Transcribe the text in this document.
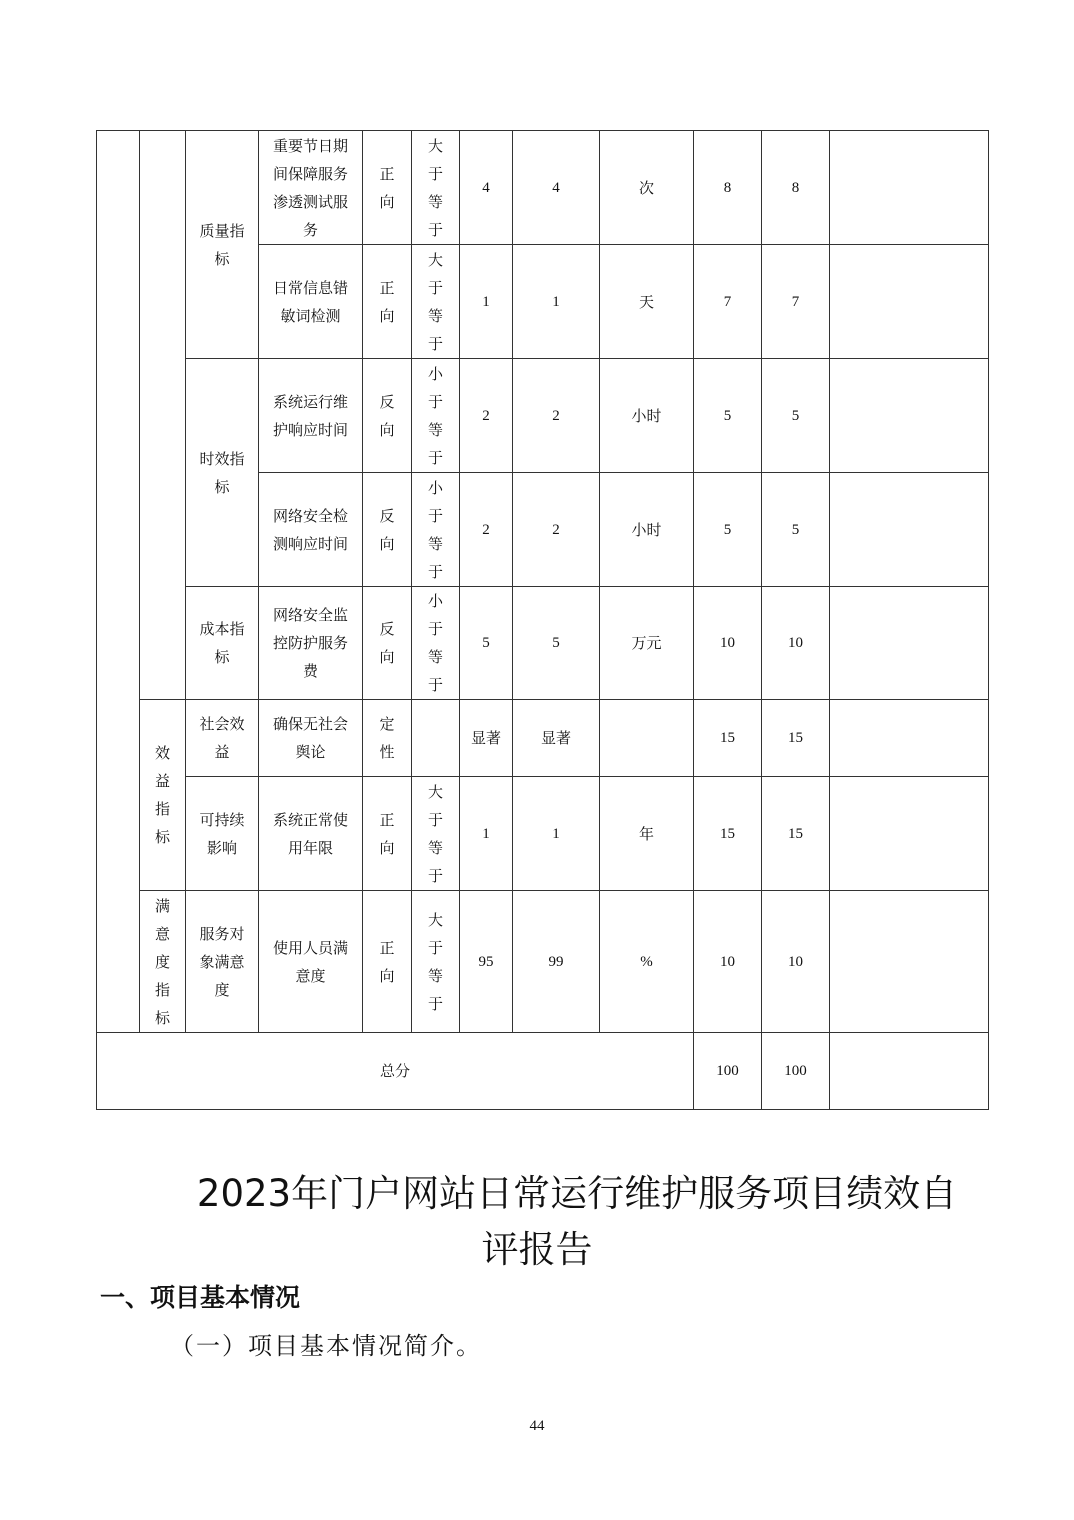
		质量指标	重要节日期间保障服务渗透测试服务	正向	大于等于	4	4	次	8	8	
			日常信息错敏词检测	正向	大于等于	1	1	天	7	7	
		时效指标	系统运行维护响应时间	反向	小于等于	2	2	小时	5	5	
			网络安全检测响应时间	反向	小于等于	2	2	小时	5	5	
		成本指标	网络安全监控防护服务费	反向	小于等于	5	5	万元	10	10	
	效益指标	社会效益	确保无社会舆论	定性		显著	显著		15	15	
		可持续影响	系统正常使用年限	正向	大于等于	1	1	年	15	15	
	满意度指标	服务对象满意度	使用人员满意度	正向	大于等于	95	99	%	10	10	
总分									100	100	
2023年门户网站日常运行维护服务项目绩效自
评报告
一、项目基本情况
（一）项目基本情况简介。
44
